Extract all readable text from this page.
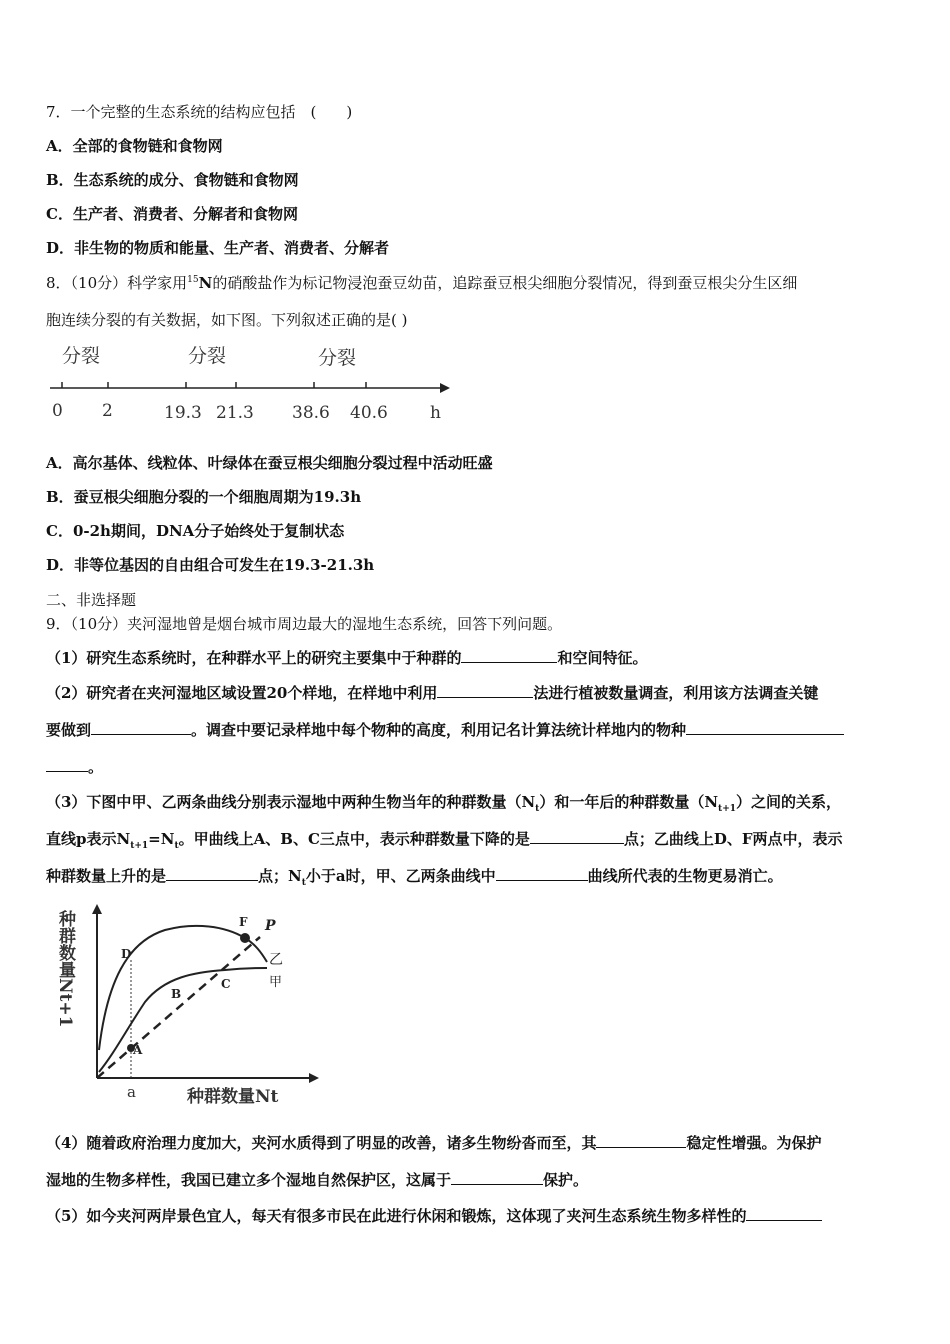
7．一个完整的生态系统的结构应包括　(　　)
A．全部的食物链和食物网
B．生态系统的成分、食物链和食物网
C．生产者、消费者、分解者和食物网
D．非生物的物质和能量、生产者、消费者、分解者
8．（10分）科学家用$^{15}$N的硝酸盐作为标记物浸泡蚕豆幼苗，追踪蚕豆根尖细胞分裂情况，得到蚕豆根尖分生区细
胞连续分裂的有关数据，如下图。下列叙述正确的是( )
分裂	分裂	分裂
0 2	19.3 21.3 38.6 40.6 h
A．高尔基体、线粒体、叶绿体在蚕豆根尖细胞分裂过程中活动旺盛
B．蚕豆根尖细胞分裂的一个细胞周期为19.3h
C．0-2h期间，DNA分子始终处于复制状态
D．非等位基因的自由组合可发生在19.3-21.3h
二、非选择题
9．（10分）夹河湿地曾是烟台城市周边最大的湿地生态系统，回答下列问题。
（1）研究生态系统时，在种群水平上的研究主要集中于种群的	和空间特征。
（2）研究者在夹河湿地区域设置20个样地，在样地中利用	法进行植被数量调查，利用该方法调查关键
要做到	。调查中要记录样地中每个物种的高度，利用记名计算法统计样地内的物种
。
（3）下图中甲、乙两条曲线分别表示湿地中两种生物当年的种群数量$(N_t)$和一年后的种群数量$(N_{t+1})$之间的关系，
直线p表示$N_{t+1}=N_t$。甲曲线上A、B、C三点中，表示种群数量下降的是	点；乙曲线上D、F两点中，表示
种群数量上升的是	点；$N_t$小于a时，甲、乙两条曲线中	曲线所代表的生物更易消亡。
种群数量Nt+1
种群数量Nt
a
A
B
C
D
F P
乙
甲
（4）随着政府治理力度加大，夹河水质得到了明显的改善，诸多生物纷沓而至，其	稳定性增强。为保护
湿地的生物多样性，我国已建立多个湿地自然保护区，这属于	保护。
（5）如今夹河两岸景色宜人，每天有很多市民在此进行休闲和锻炼，这体现了夹河生态系统生物多样性的
